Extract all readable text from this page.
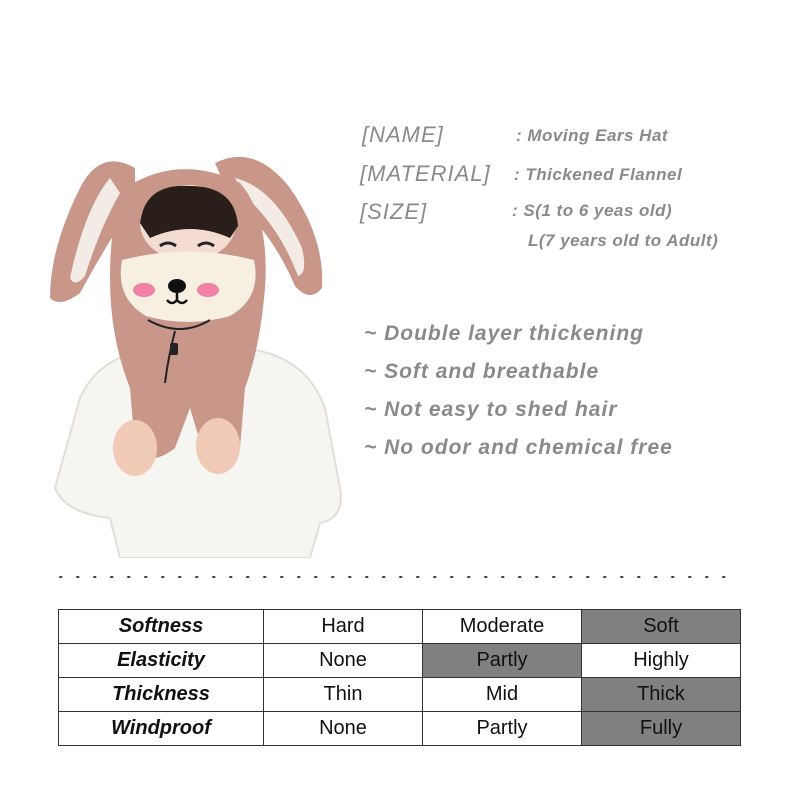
[NAME]	: Moving Ears Hat
[MATERIAL] : Thickened Flannel
[SIZE]	: S(1 to 6 yeas old)
L(7 years old to Adult)
~ Double layer thickening
~ Soft and breathable
~ Not easy to shed hair
~ No odor and chemical free
Softness	Hard	Moderate	Soft
Elasticity	None	Partly	Highly
Thickness	Thin	Mid	Thick
Windproof	None	Partly	Fully
